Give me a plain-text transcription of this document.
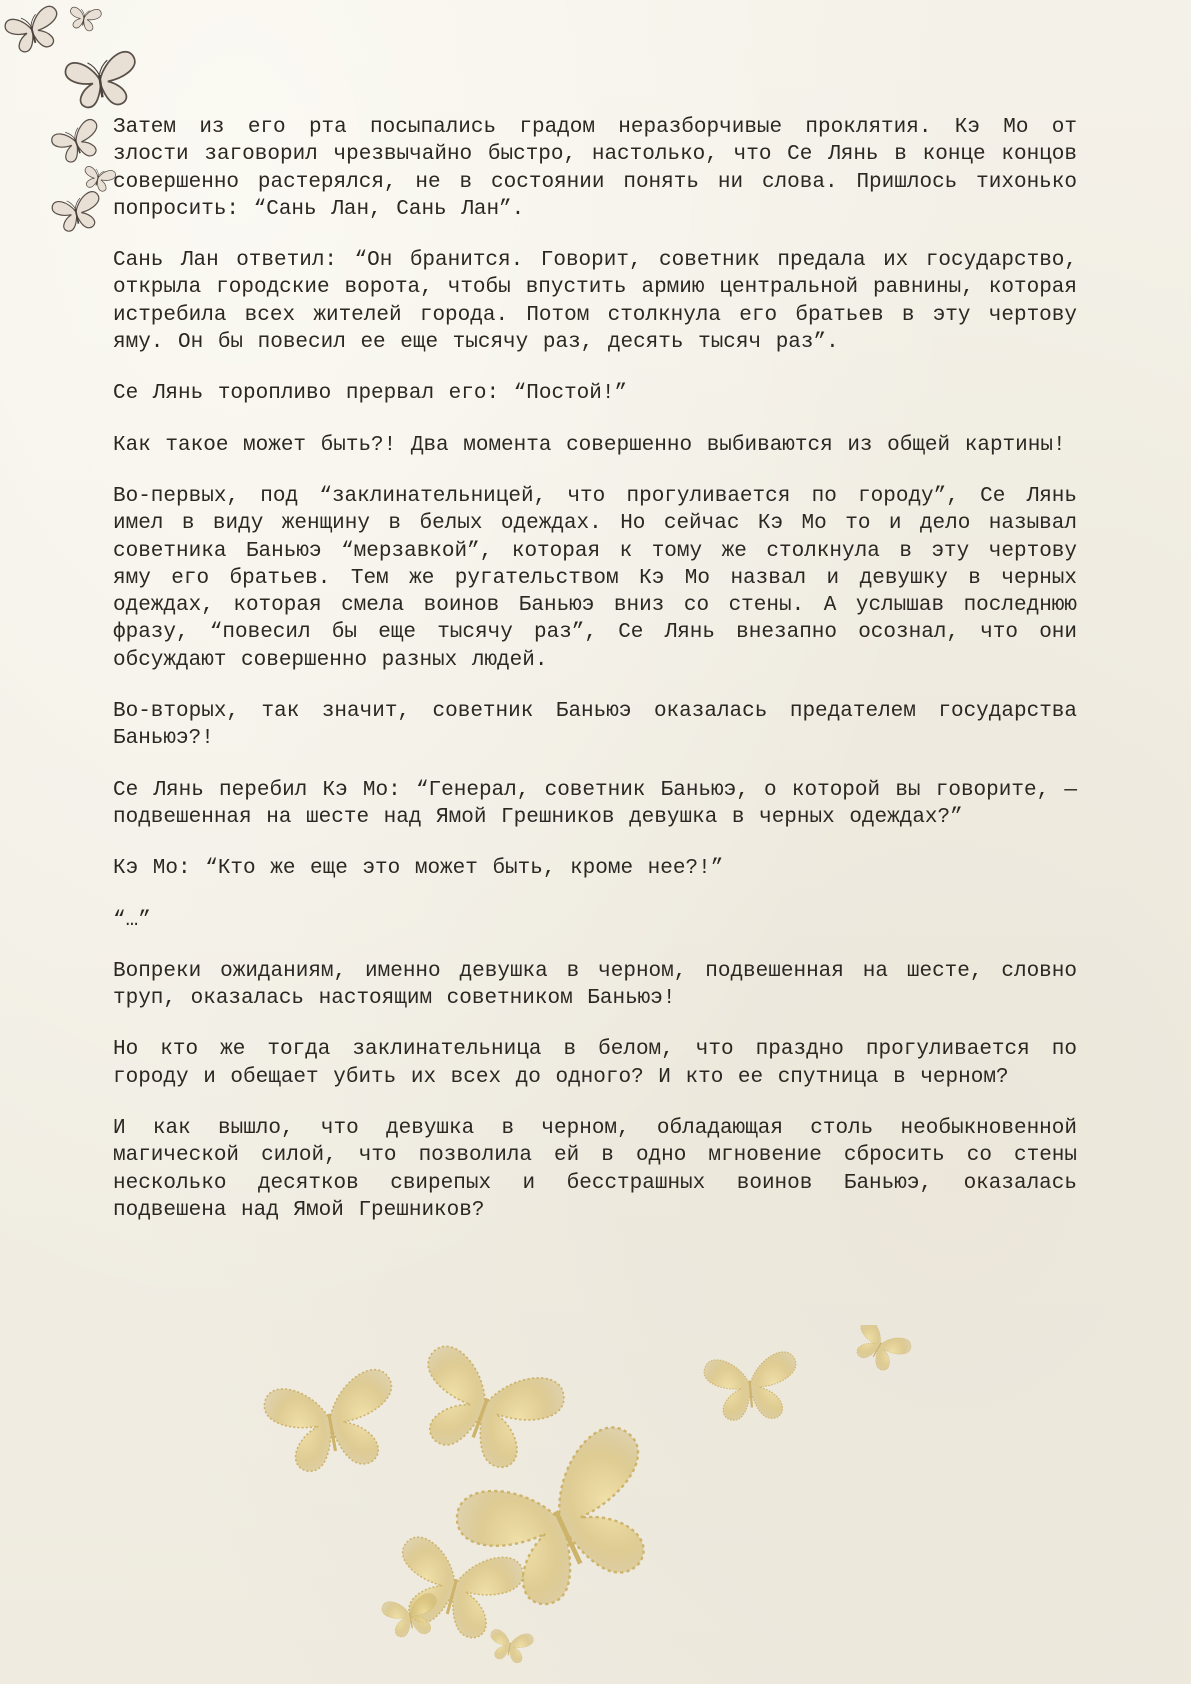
Затем из его рта посыпались градом неразборчивые проклятия. Кэ Мо от злости заговорил чрезвычайно быстро, настолько, что Се Лянь в конце концов совершенно растерялся, не в состоянии понять ни слова. Пришлось тихонько попросить: “Сань Лан, Сань Лан”.

Сань Лан ответил: “Он бранится. Говорит, советник предала их государство, открыла городские ворота, чтобы впустить армию центральной равнины, которая истребила всех жителей города. Потом столкнула его братьев в эту чертову яму. Он бы повесил ее еще тысячу раз, десять тысяч раз”.

Се Лянь торопливо прервал его: “Постой!”

Как такое может быть?! Два момента совершенно выбиваются из общей картины!

Во-первых, под “заклинательницей, что прогуливается по городу”, Се Лянь имел в виду женщину в белых одеждах. Но сейчас Кэ Мо то и дело называл советника Баньюэ “мерзавкой”, которая к тому же столкнула в эту чертову яму его братьев. Тем же ругательством Кэ Мо назвал и девушку в черных одеждах, которая смела воинов Баньюэ вниз со стены. А услышав последнюю фразу, “повесил бы еще тысячу раз”, Се Лянь внезапно осознал, что они обсуждают совершенно разных людей.

Во-вторых, так значит, советник Баньюэ оказалась предателем государства Баньюэ?!

Се Лянь перебил Кэ Мо: “Генерал, советник Баньюэ, о которой вы говорите, — подвешенная на шесте над Ямой Грешников девушка в черных одеждах?”

Кэ Мо: “Кто же еще это может быть, кроме нее?!”

“…”

Вопреки ожиданиям, именно девушка в черном, подвешенная на шесте, словно труп, оказалась настоящим советником Баньюэ!

Но кто же тогда заклинательница в белом, что праздно прогуливается по городу и обещает убить их всех до одного? И кто ее спутница в черном?

И как вышло, что девушка в черном, обладающая столь необыкновенной магической силой, что позволила ей в одно мгновение сбросить со стены несколько десятков свирепых и бесстрашных воинов Баньюэ, оказалась подвешена над Ямой Грешников?
